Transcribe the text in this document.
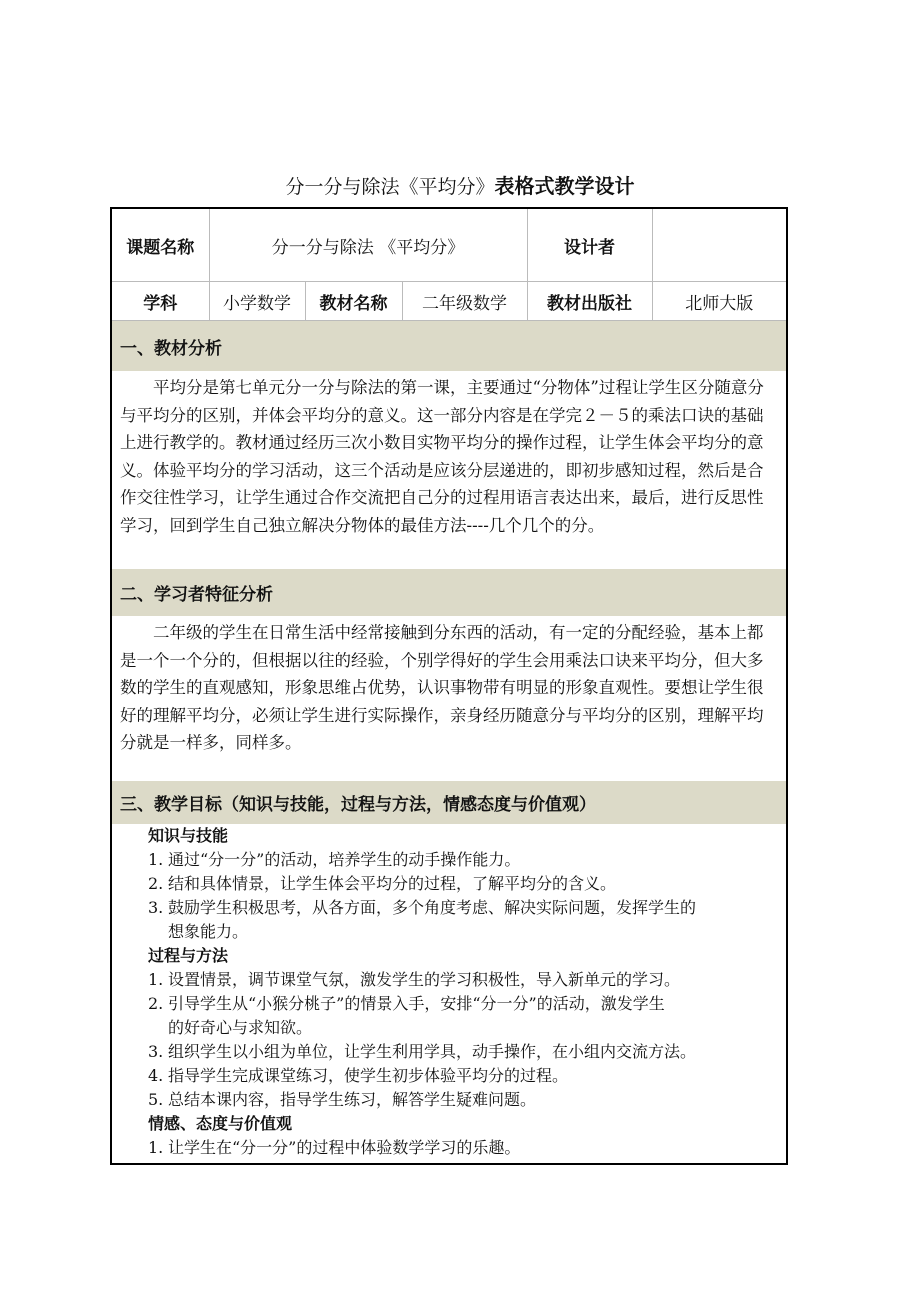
分一分与除法《平均分》表格式教学设计
课题名称	分一分与除法 《平均分》			设计者	
学科	小学数学	教材名称	二年级数学	教材出版社	北师大版
一、教材分析
平均分是第七单元分一分与除法的第一课，主要通过“分物体”过程让学生区分随意分与平均分的区别，并体会平均分的意义。这一部分内容是在学完２－５的乘法口诀的基础上进行教学的。教材通过经历三次小数目实物平均分的操作过程，让学生体会平均分的意义。体验平均分的学习活动，这三个活动是应该分层递进的，即初步感知过程，然后是合作交往性学习，让学生通过合作交流把自己分的过程用语言表达出来，最后，进行反思性学习，回到学生自己独立解决分物体的最佳方法----几个几个的分。
二、学习者特征分析
二年级的学生在日常生活中经常接触到分东西的活动，有一定的分配经验，基本上都是一个一个分的，但根据以往的经验，个别学得好的学生会用乘法口诀来平均分，但大多数的学生的直观感知，形象思维占优势，认识事物带有明显的形象直观性。要想让学生很好的理解平均分，必须让学生进行实际操作，亲身经历随意分与平均分的区别，理解平均分就是一样多，同样多。
三、教学目标（知识与技能，过程与方法，情感态度与价值观）
知识与技能
1. 通过“分一分”的活动，培养学生的动手操作能力。
2. 结和具体情景，让学生体会平均分的过程，了解平均分的含义。
3. 鼓励学生积极思考，从各方面，多个角度考虑、解决实际问题，发挥学生的
想象能力。
过程与方法
1. 设置情景，调节课堂气氛，激发学生的学习积极性，导入新单元的学习。
2. 引导学生从“小猴分桃子”的情景入手，安排“分一分”的活动，激发学生
的好奇心与求知欲。
3. 组织学生以小组为单位，让学生利用学具，动手操作，在小组内交流方法。
4. 指导学生完成课堂练习，使学生初步体验平均分的过程。
5. 总结本课内容，指导学生练习，解答学生疑难问题。
情感、态度与价值观
1. 让学生在“分一分”的过程中体验数学学习的乐趣。
